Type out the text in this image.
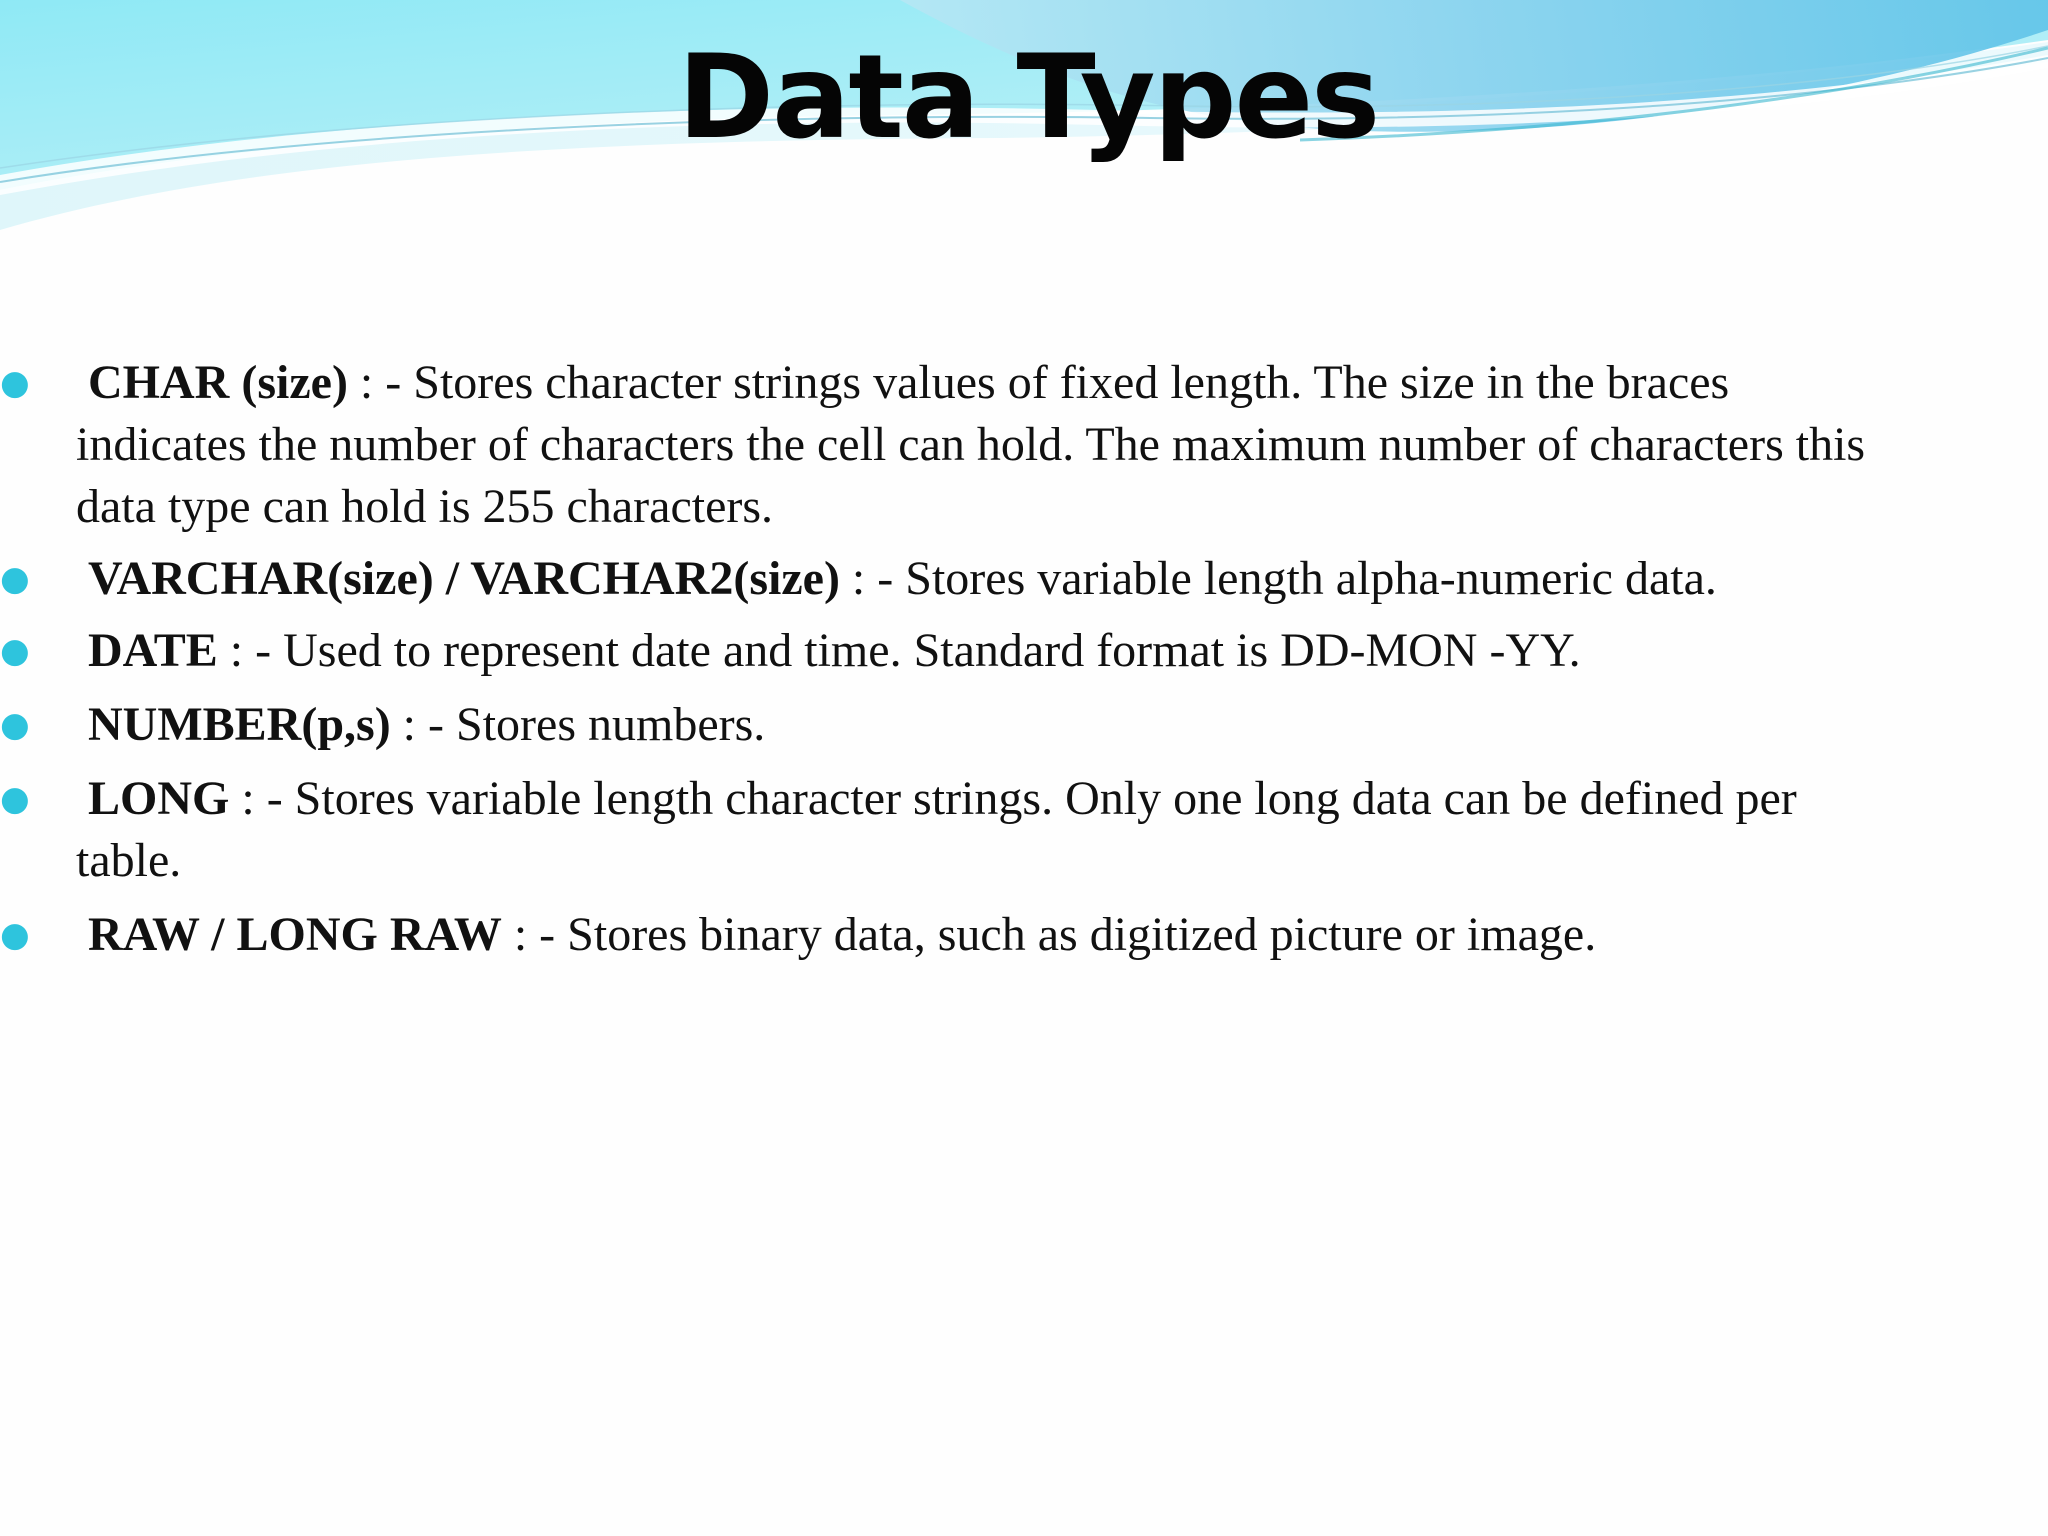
Data Types
● CHAR (size) : - Stores character strings values of fixed length. The size in the braces indicates the number of characters the cell can hold. The maximum number of characters this data type can hold is 255 characters.
● VARCHAR(size) / VARCHAR2(size) : - Stores variable length alpha-numeric data.
● DATE : - Used to represent date and time. Standard format is DD-MON -YY.
● NUMBER(p,s) : - Stores numbers.
● LONG : - Stores variable length character strings. Only one long data can be defined per table.
● RAW / LONG RAW : - Stores binary data, such as digitized picture or image.
